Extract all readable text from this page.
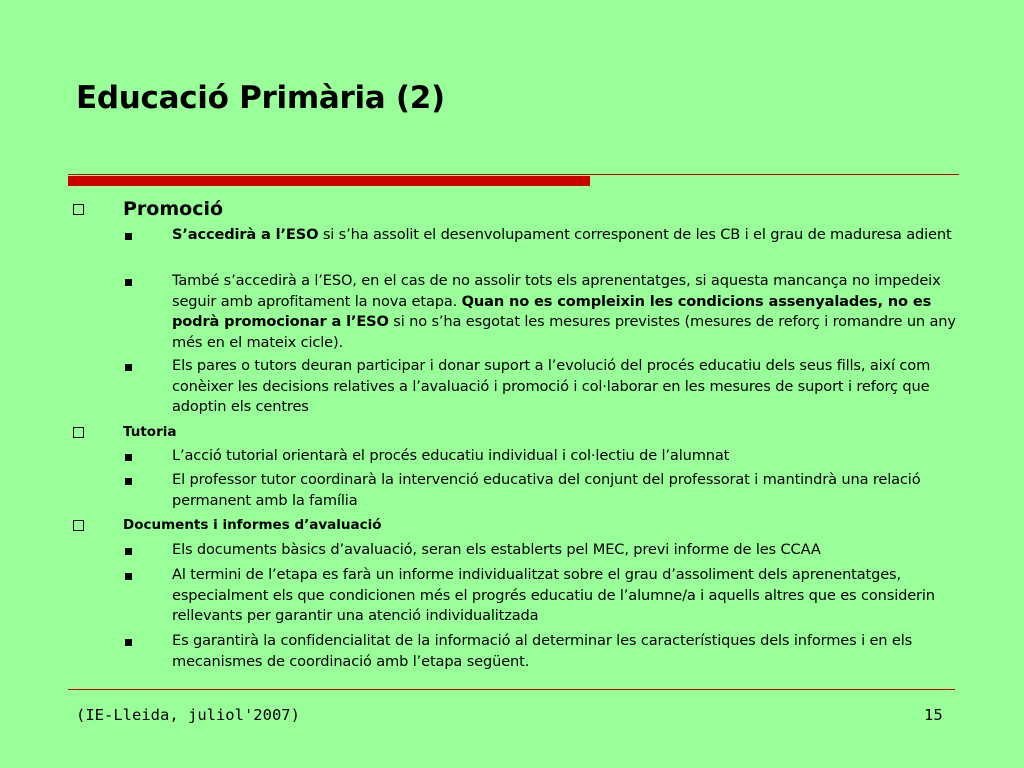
Educació Primària (2)
Promoció
S’accedirà a l’ESO si s’ha assolit el desenvolupament corresponent de les CB i el grau de maduresa adient
També s’accedirà a l’ESO, en el cas de no assolir tots els aprenentatges, si aquesta mancança no impedeix seguir amb aprofitament la nova etapa. Quan no es compleixin les condicions assenyalades, no es podrà promocionar a l’ESO si no s’ha esgotat les mesures previstes (mesures de reforç i romandre un any més en el mateix cicle).
Els pares o tutors deuran participar i donar suport a l’evolució del procés educatiu dels seus fills, així com conèixer les decisions relatives a l’avaluació i promoció i col·laborar en les mesures de suport i reforç que adoptin els centres
Tutoria
L’acció tutorial orientarà el procés educatiu individual i col·lectiu de l’alumnat
El professor tutor coordinarà la intervenció educativa del conjunt del professorat i mantindrà una relació permanent amb la família
Documents i informes d’avaluació
Els documents bàsics d’avaluació, seran els establerts pel MEC, previ informe de les CCAA
Al termini de l’etapa es farà un informe individualitzat sobre el grau d’assoliment dels aprenentatges, especialment els que condicionen més el progrés educatiu de l’alumne/a i aquells altres que es considerin rellevants per garantir una atenció individualitzada
Es garantirà la confidencialitat de la informació al determinar les característiques dels informes i en els mecanismes de coordinació amb l’etapa següent.
(IE-Lleida, juliol'2007)	15
